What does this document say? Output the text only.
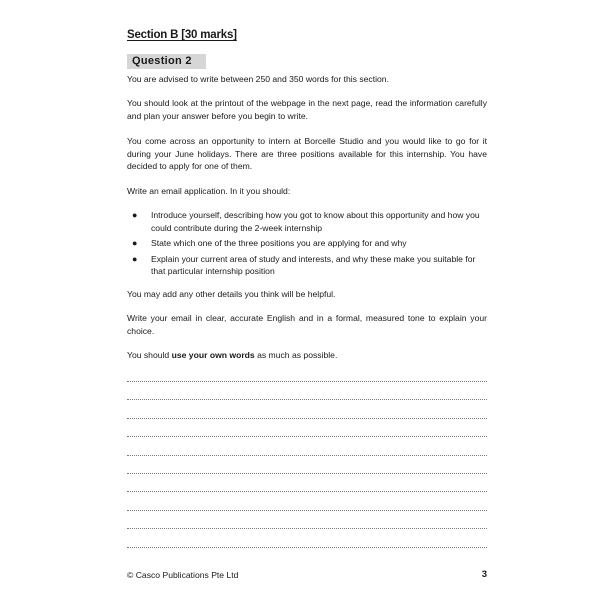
Section B [30 marks]
Question 2

You are advised to write between 250 and 350 words for this section.

You should look at the printout of the webpage in the next page, read the information carefully and plan your answer before you begin to write.

You come across an opportunity to intern at Borcelle Studio and you would like to go for it during your June holidays. There are three positions available for this internship. You have decided to apply for one of them.

Write an email application. In it you should:

● Introduce yourself, describing how you got to know about this opportunity and how you could contribute during the 2-week internship
● State which one of the three positions you are applying for and why
● Explain your current area of study and interests, and why these make you suitable for that particular internship position

You may add any other details you think will be helpful.

Write your email in clear, accurate English and in a formal, measured tone to explain your choice.

You should use your own words as much as possible.

© Casco Publications Pte Ltd	3
